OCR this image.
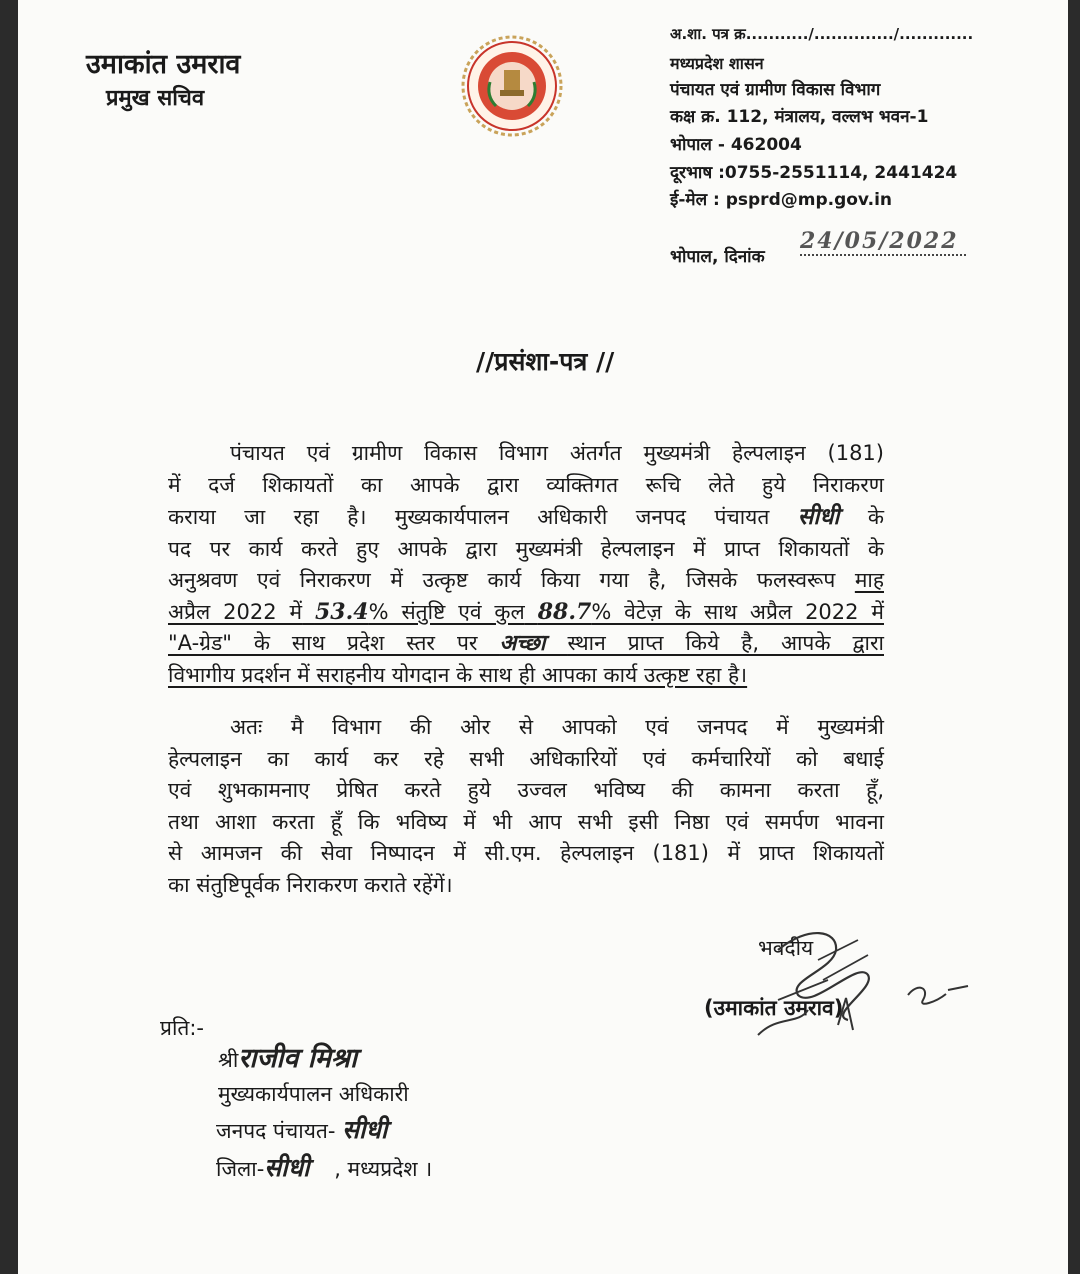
उमाकांत उमराव
प्रमुख सचिव
अ.शा. पत्र क्र.........../............../.............
मध्यप्रदेश शासन
पंचायत एवं ग्रामीण विकास विभाग
कक्ष क्र. 112, मंत्रालय, वल्लभ भवन-1
भोपाल - 462004
दूरभाष :0755-2551114, 2441424
ई-मेल : psprd@mp.gov.in
भोपाल, दिनांक
24/05/2022
//प्रसंशा-पत्र //
पंचायत एवं ग्रामीण विकास विभाग अंतर्गत मुख्यमंत्री हेल्पलाइन (181)
में दर्ज शिकायतों का आपके द्वारा व्यक्तिगत रूचि लेते हुये निराकरण
कराया जा रहा है। मुख्यकार्यपालन अधिकारी जनपद पंचायत सीधी के
पद पर कार्य करते हुए आपके द्वारा मुख्यमंत्री हेल्पलाइन में प्राप्त शिकायतों के
अनुश्रवण एवं निराकरण में उत्कृष्ट कार्य किया गया है, जिसके फलस्वरूप माह
अप्रैल 2022 में 53.4% संतुष्टि एवं कुल 88.7% वेटेज़ के साथ अप्रैल 2022 में
"A-ग्रेड" के साथ प्रदेश स्तर पर अच्छा स्थान प्राप्त किये है, आपके द्वारा
विभागीय प्रदर्शन में सराहनीय योगदान के साथ ही आपका कार्य उत्कृष्ट रहा है।
अतः मै विभाग की ओर से आपको एवं जनपद में मुख्यमंत्री
हेल्पलाइन का कार्य कर रहे सभी अधिकारियों एवं कर्मचारियों को बधाई
एवं शुभकामनाए प्रेषित करते हुये उज्वल भविष्य की कामना करता हूँ,
तथा आशा करता हूँ कि भविष्य में भी आप सभी इसी निष्ठा एवं समर्पण भावना
से आमजन की सेवा निष्पादन में सी.एम. हेल्पलाइन (181) में प्राप्त शिकायतों
का संतुष्टिपूर्वक निराकरण कराते रहेंगें।
भवदीय
(उमाकांत उमराव)
प्रति:-
श्रीराजीव मिश्रा
मुख्यकार्यपालन अधिकारी
जनपद पंचायत- सीधी
जिला-सीधी , मध्यप्रदेश ।
